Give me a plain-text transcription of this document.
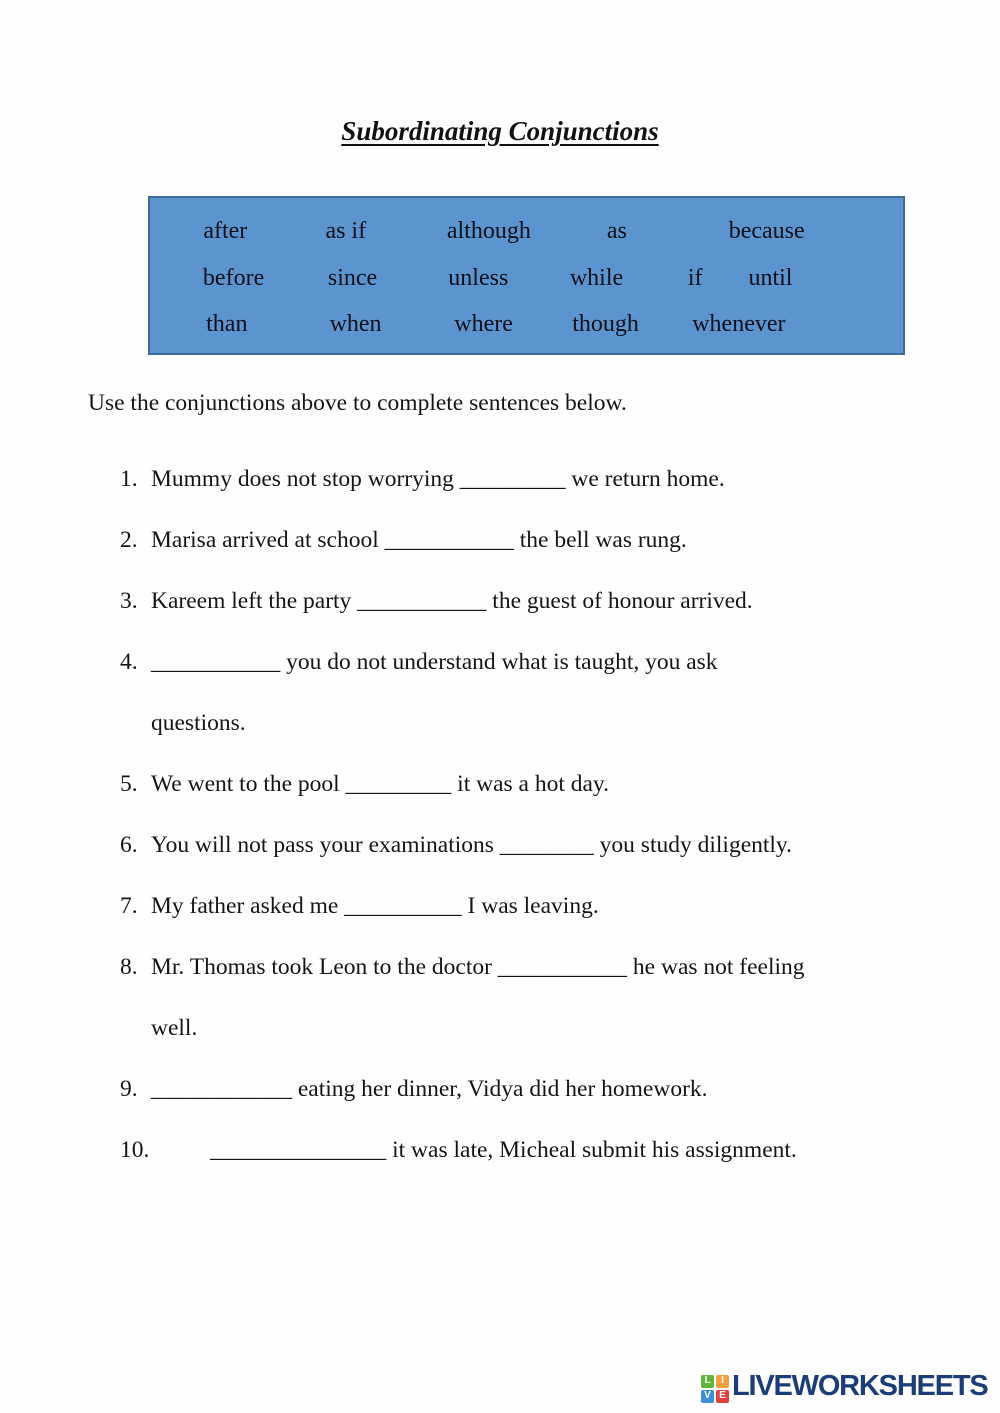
Subordinating Conjunctions
after	as if	although	as	because
before	since	unless	while	if until
than	when	where though whenever
Use the conjunctions above to complete sentences below.
1. Mummy does not stop worrying _________ we return home.
2. Marisa arrived at school ___________ the bell was rung.
3. Kareem left the party ___________ the guest of honour arrived.
4. ___________ you do not understand what is taught, you ask
questions.
5. We went to the pool _________ it was a hot day.
6. You will not pass your examinations ________ you study diligently.
7. My father asked me __________ I was leaving.
8. Mr. Thomas took Leon to the doctor ___________ he was not feeling
well.
9. ____________ eating her dinner, Vidya did her homework.
10.	_______________ it was late, Micheal submit his assignment.
L	I
V E LIVEWORKSHEETS
